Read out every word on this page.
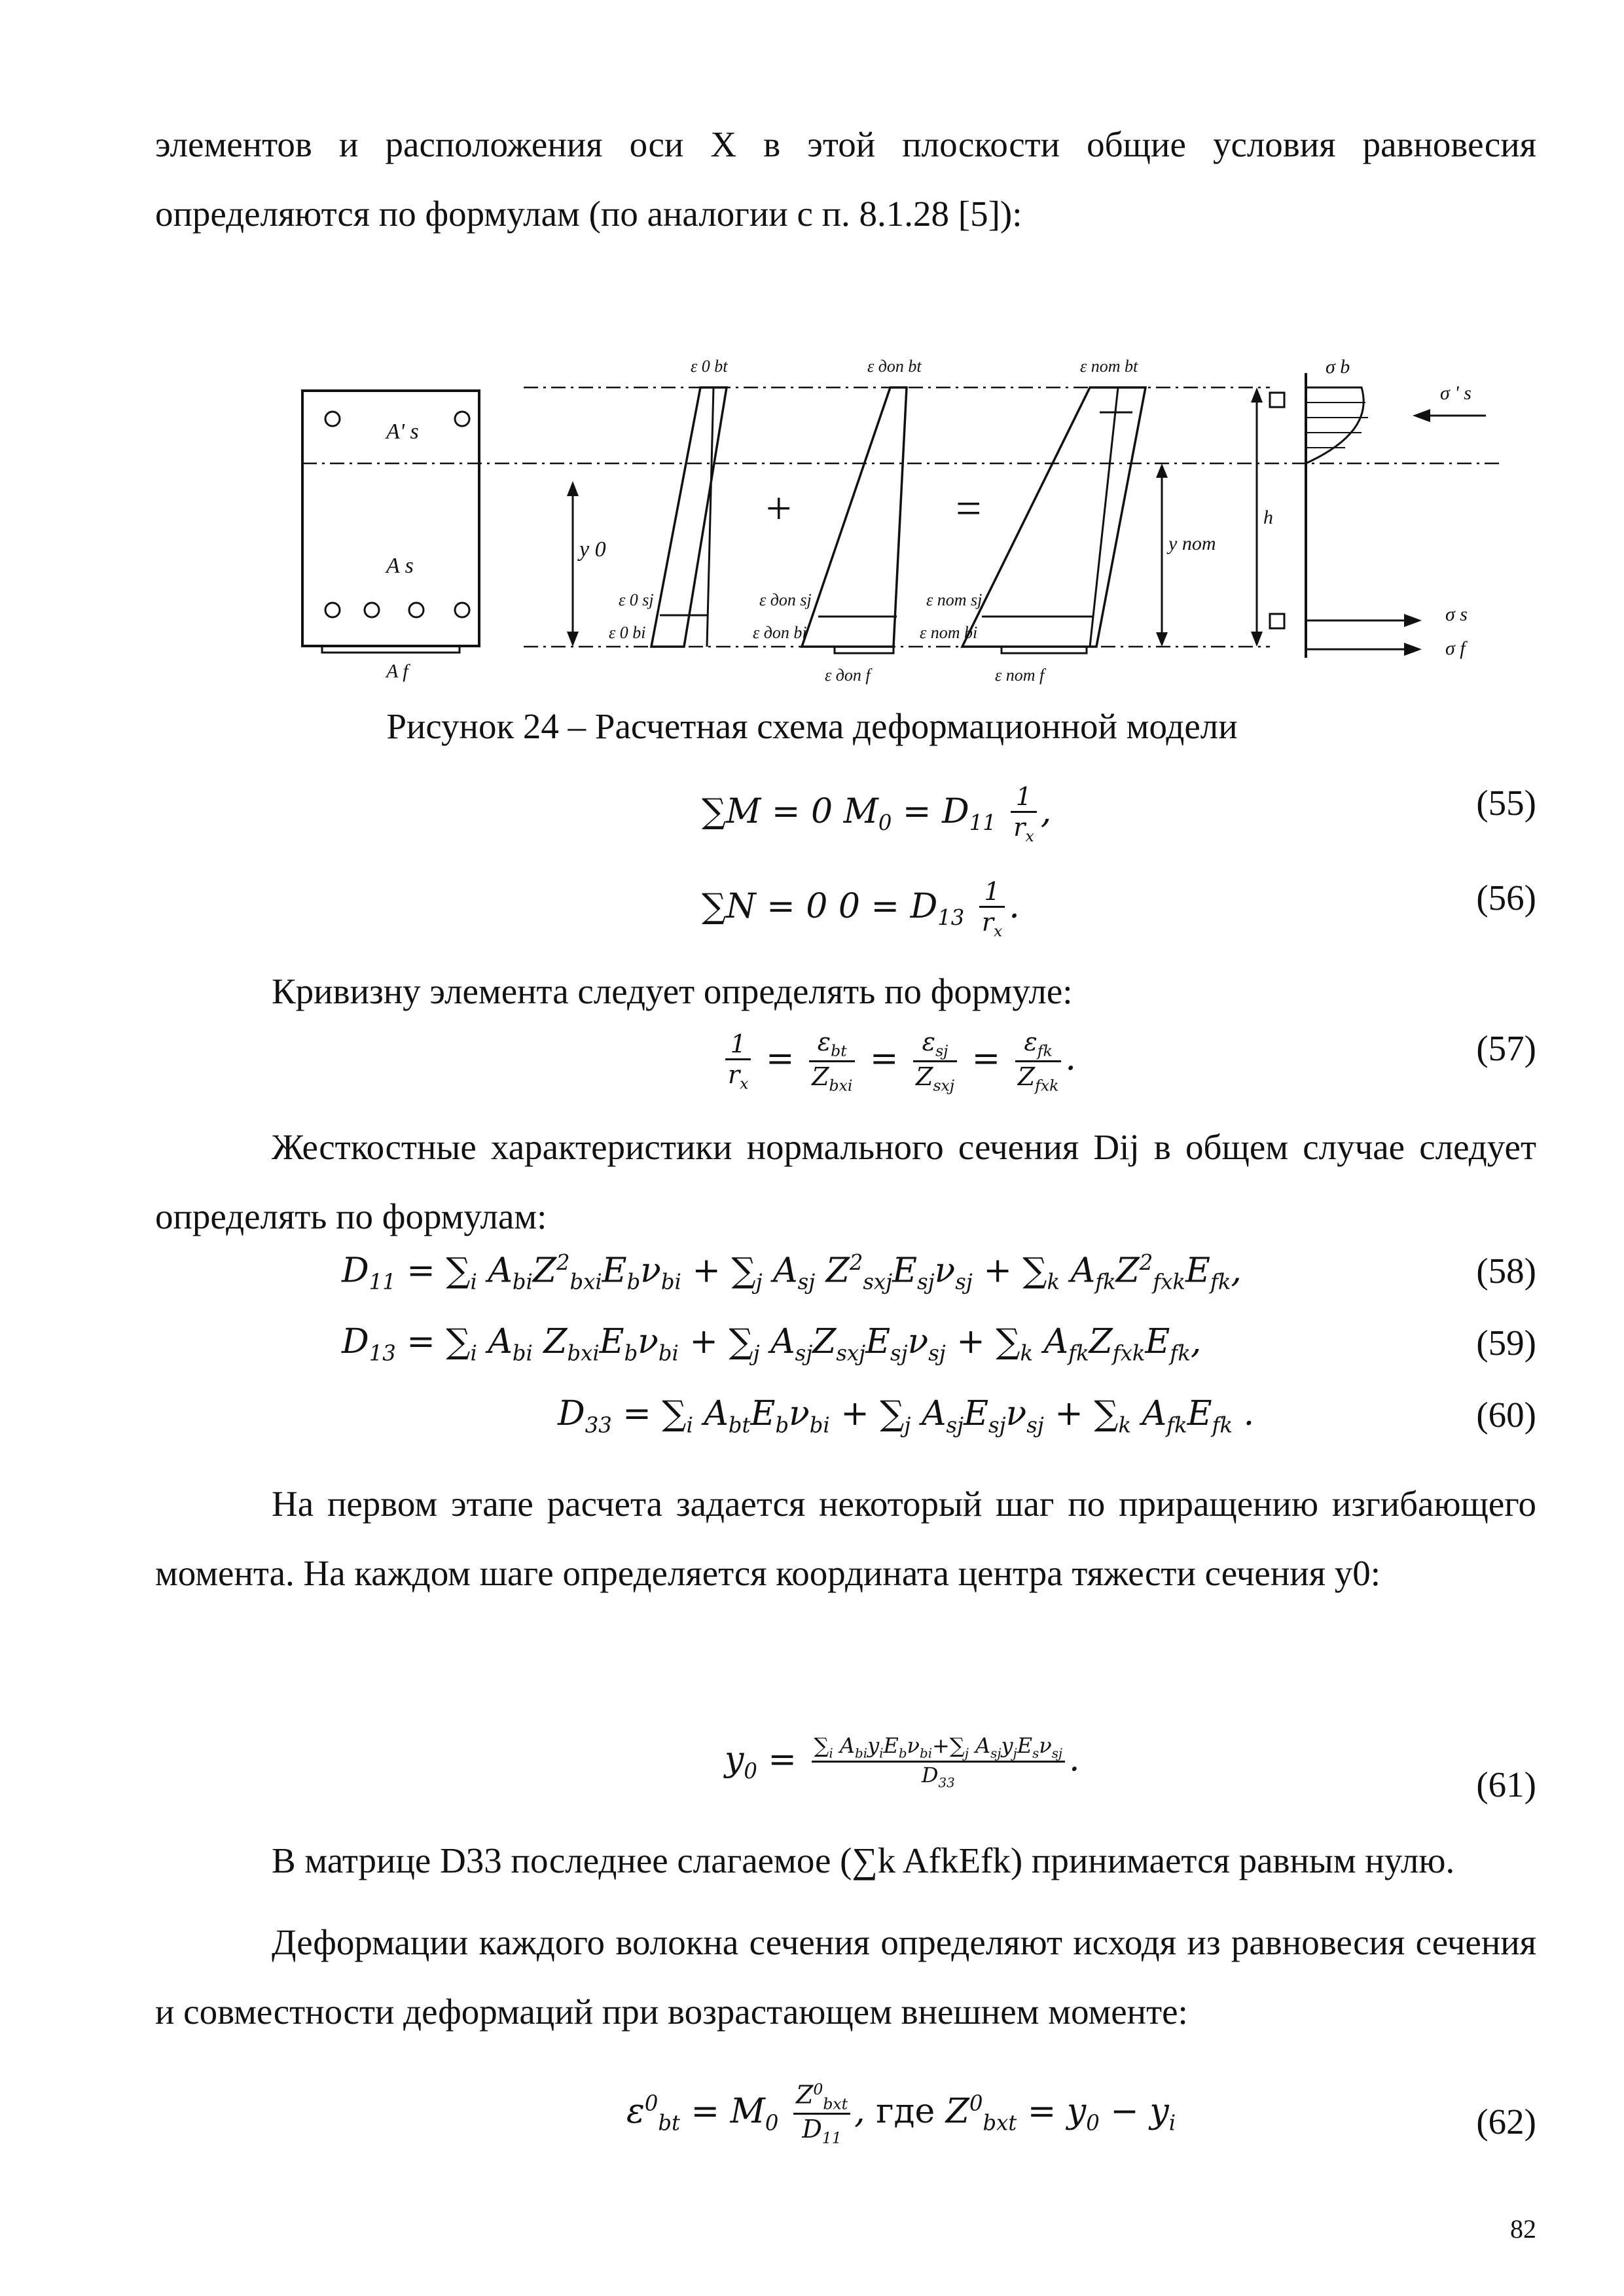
элементов и расположения оси X в этой плоскости общие условия равновесия определяются по формулам (по аналогии с п. 8.1.28 [5]):
A' s
A s
A f
y 0
ε 0 bt
ε 0 sj
ε 0 bi
+
ε доп bt
ε доп sj
ε доп bi
ε доп f
=
ε nom bt
ε nom sj
ε nom bi
ε nom f
y nom
h
σ b
σ ' s
σ s
σ f
Рисунок 24 – Расчетная схема деформационной модели
∑M = 0 $M_0 = D_{11} \frac{1}{r_x}$ ,	(55)
∑N = 0 $0 = D_{13} \frac{1}{r_x}$ .	(56)
Кривизну элемента следует определять по формуле:
$\frac{1}{r_x} = \frac{\varepsilon_{bt}}{Z_{bxi}} = \frac{\varepsilon_{sj}}{Z_{sxj}} = \frac{\varepsilon_{fk}}{Z_{fxk}}$ .	(57)
Жесткостные характеристики нормального сечения Dij в общем случае следует определять по формулам:
$D_{11} = \sum_i$ $A_{bi}Z^2_{bxi}E_b\nu_{bi} + \sum_j$ $A_{sj}$ $Z^2_{sxj}E_{sj}\nu_{sj} + \sum_k$ $A_{fk}Z^2_{fxk}E_{fk}$,	(58)
$D_{13} = \sum_i$ $A_{bi}$ $Z_{bxi}E_b\nu_{bi} + \sum_j$ $A_{sj}Z_{sxj}E_{sj}\nu_{sj} + \sum_k$ $A_{fk}Z_{fxk}E_{fk}$,	(59)
$D_{33} = \sum_i$ $A_{bt}E_b\nu_{bi} + \sum_j$ $A_{sj}E_{sj}\nu_{sj} + \sum_k$ $A_{fk}E_{fk}$ .	(60)
На первом этапе расчета задается некоторый шаг по приращению изгибающего момента. На каждом шаге определяется координата центра тяжести сечения y0:
$y_0 = \frac{\sum_i A_{bi}y_iE_b\nu_{bi}+\sum_j A_{sj}y_jE_s\nu_{sj}}{D_{33}}$ .
(61)
В матрице D33 последнее слагаемое (∑k AfkEfk) принимается равным нулю.
Деформации каждого волокна сечения определяют исходя из равновесия сечения и совместности деформаций при возрастающем внешнем моменте:
$\varepsilon^0_{bt} = M_0 \frac{Z^0_{bxt}}{D_{11}}$ , где $Z^0_{bxt} = y_0 - y_i$	(62)
82
